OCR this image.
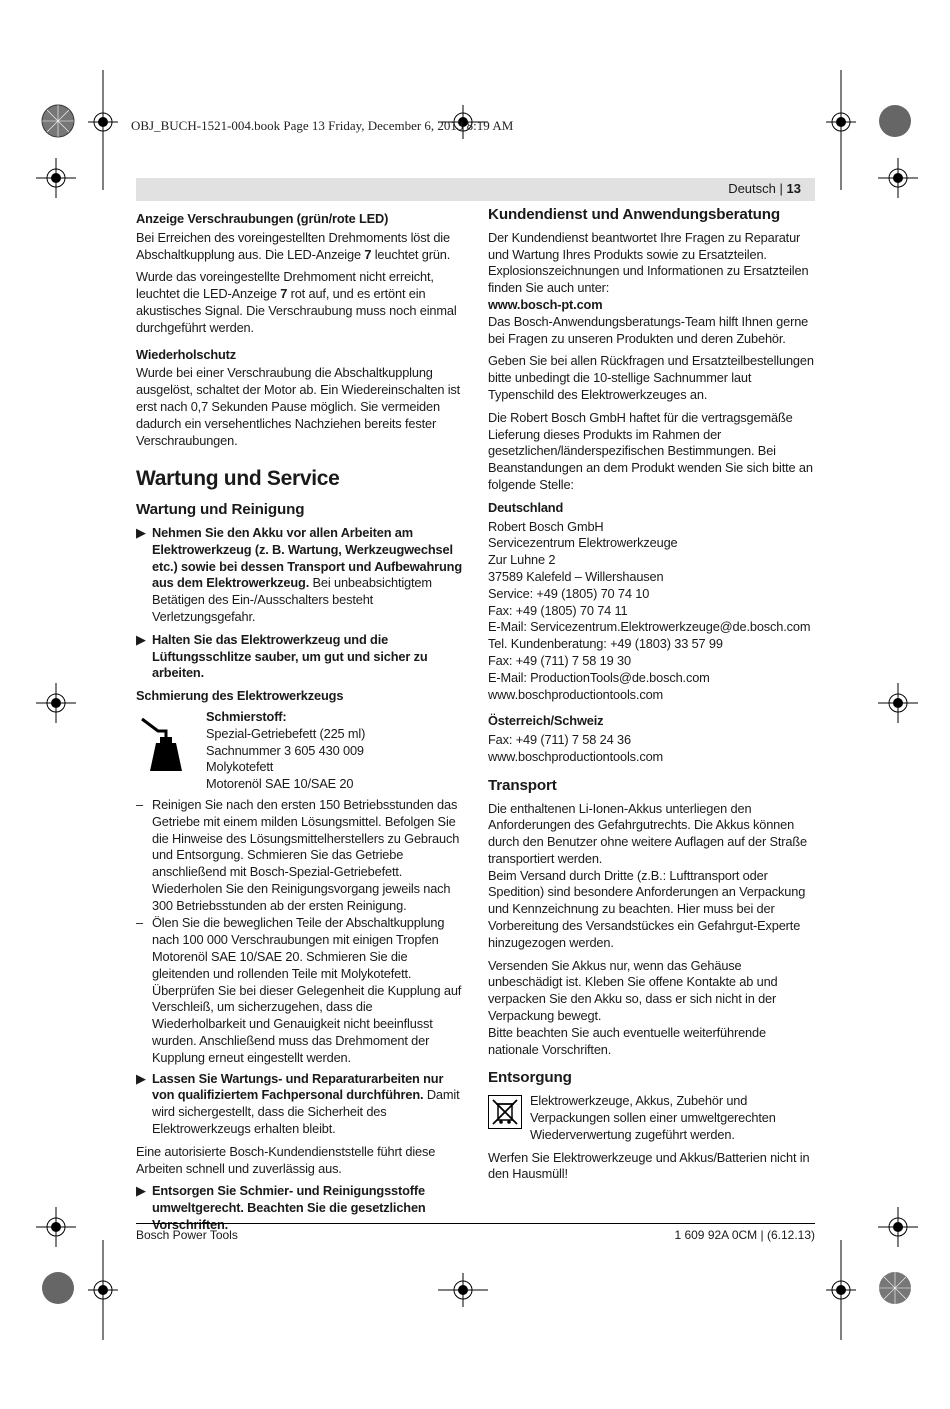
OBJ_BUCH-1521-004.book Page 13 Friday, December 6, 2013 8:19 AM
Deutsch | 13
Anzeige Verschraubungen (grün/rote LED)

Bei Erreichen des voreingestellten Drehmoments löst die Abschaltkupplung aus. Die LED-Anzeige 7 leuchtet grün.

Wurde das voreingestellte Drehmoment nicht erreicht, leuchtet die LED-Anzeige 7 rot auf, und es ertönt ein akustisches Signal. Die Verschraubung muss noch einmal durchgeführt werden.

Wiederholschutz

Wurde bei einer Verschraubung die Abschaltkupplung ausgelöst, schaltet der Motor ab. Ein Wiedereinschalten ist erst nach 0,7 Sekunden Pause möglich. Sie vermeiden dadurch ein versehentliches Nachziehen bereits fester Verschraubungen.

Wartung und Service
Wartung und Reinigung
▶ Nehmen Sie den Akku vor allen Arbeiten am Elektrowerkzeug (z. B. Wartung, Werkzeugwechsel etc.) sowie bei dessen Transport und Aufbewahrung aus dem Elektrowerkzeug. Bei unbeabsichtigtem Betätigen des Ein-/Ausschalters besteht Verletzungsgefahr.
▶ Halten Sie das Elektrowerkzeug und die Lüftungsschlitze sauber, um gut und sicher zu arbeiten.
Schmierung des Elektrowerkzeugs
Schmierstoff:
Spezial-Getriebefett (225 ml)
Sachnummer 3 605 430 009
Molykotefett
Motorenöl SAE 10/SAE 20
– Reinigen Sie nach den ersten 150 Betriebsstunden das Getriebe mit einem milden Lösungsmittel. Befolgen Sie die Hinweise des Lösungsmittelherstellers zu Gebrauch und Entsorgung. Schmieren Sie das Getriebe anschließend mit Bosch-Spezial-Getriebefett. Wiederholen Sie den Reinigungsvorgang jeweils nach 300 Betriebsstunden ab der ersten Reinigung.
– Ölen Sie die beweglichen Teile der Abschaltkupplung nach 100 000 Verschraubungen mit einigen Tropfen Motorenöl SAE 10/SAE 20. Schmieren Sie die gleitenden und rollenden Teile mit Molykotefett. Überprüfen Sie bei dieser Gelegenheit die Kupplung auf Verschleiß, um sicherzugehen, dass die Wiederholbarkeit und Genauigkeit nicht beeinflusst wurden. Anschließend muss das Drehmoment der Kupplung erneut eingestellt werden.
▶ Lassen Sie Wartungs- und Reparaturarbeiten nur von qualifiziertem Fachpersonal durchführen. Damit wird sichergestellt, dass die Sicherheit des Elektrowerkzeugs erhalten bleibt.

Eine autorisierte Bosch-Kundendienststelle führt diese Arbeiten schnell und zuverlässig aus.

▶ Entsorgen Sie Schmier- und Reinigungsstoffe umweltgerecht. Beachten Sie die gesetzlichen Vorschriften.
Kundendienst und Anwendungsberatung

Der Kundendienst beantwortet Ihre Fragen zu Reparatur und Wartung Ihres Produkts sowie zu Ersatzteilen. Explosionszeichnungen und Informationen zu Ersatzteilen finden Sie auch unter:

www.bosch-pt.com

Das Bosch-Anwendungsberatungs-Team hilft Ihnen gerne bei Fragen zu unseren Produkten und deren Zubehör.

Geben Sie bei allen Rückfragen und Ersatzteilbestellungen bitte unbedingt die 10-stellige Sachnummer laut Typenschild des Elektrowerkzeuges an.

Die Robert Bosch GmbH haftet für die vertragsgemäße Lieferung dieses Produkts im Rahmen der gesetzlichen/länderspezifischen Bestimmungen. Bei Beanstandungen an dem Produkt wenden Sie sich bitte an folgende Stelle:

Deutschland
Robert Bosch GmbH
Servicezentrum Elektrowerkzeuge
Zur Luhne 2
37589 Kalefeld – Willershausen
Service: +49 (1805) 70 74 10
Fax: +49 (1805) 70 74 11
E-Mail: Servicezentrum.Elektrowerkzeuge@de.bosch.com
Tel. Kundenberatung: +49 (1803) 33 57 99
Fax: +49 (711) 7 58 19 30
E-Mail: ProductionTools@de.bosch.com
www.boschproductiontools.com
Österreich/Schweiz
Fax: +49 (711) 7 58 24 36
www.boschproductiontools.com
Transport

Die enthaltenen Li-Ionen-Akkus unterliegen den Anforderungen des Gefahrgutrechts. Die Akkus können durch den Benutzer ohne weitere Auflagen auf der Straße transportiert werden.

Beim Versand durch Dritte (z.B.: Lufttransport oder Spedition) sind besondere Anforderungen an Verpackung und Kennzeichnung zu beachten. Hier muss bei der Vorbereitung des Versandstückes ein Gefahrgut-Experte hinzugezogen werden.

Versenden Sie Akkus nur, wenn das Gehäuse unbeschädigt ist. Kleben Sie offene Kontakte ab und verpacken Sie den Akku so, dass er sich nicht in der Verpackung bewegt.

Bitte beachten Sie auch eventuelle weiterführende nationale Vorschriften.

Entsorgung
Elektrowerkzeuge, Akkus, Zubehör und Verpackungen sollen einer umweltgerechten Wiederverwertung zugeführt werden.

Werfen Sie Elektrowerkzeuge und Akkus/Batterien nicht in den Hausmüll!

Bosch Power Tools	1 609 92A 0CM | (6.12.13)
